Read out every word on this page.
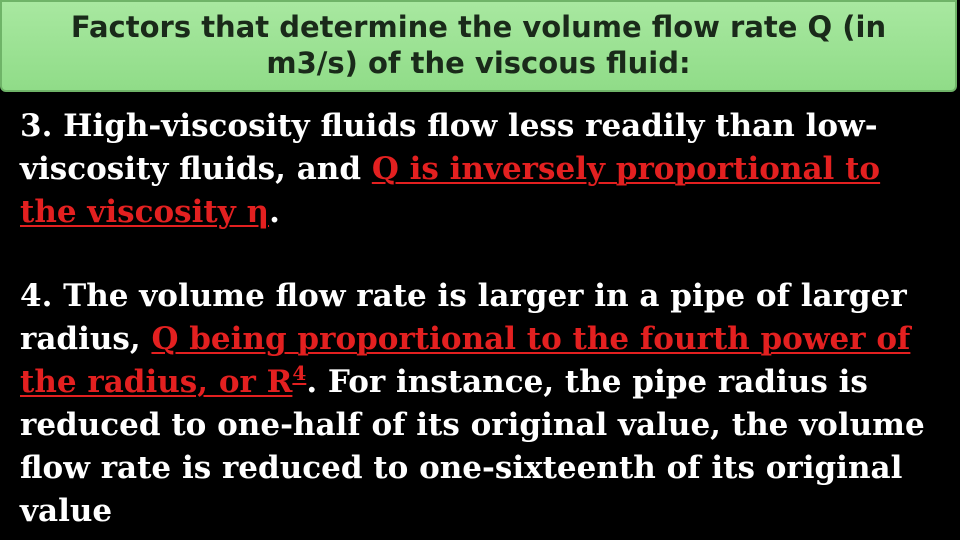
Factors that determine the volume flow rate Q (in
m3/s) of the viscous fluid:
3. High-viscosity fluids flow less readily than low-viscosity fluids, and Q is inversely proportional to the viscosity η.
4. The volume flow rate is larger in a pipe of larger radius, Q being proportional to the fourth power of the radius, or $R^4$. For instance, the pipe radius is reduced to one-half of its original value, the volume flow rate is reduced to one-sixteenth of its original value
